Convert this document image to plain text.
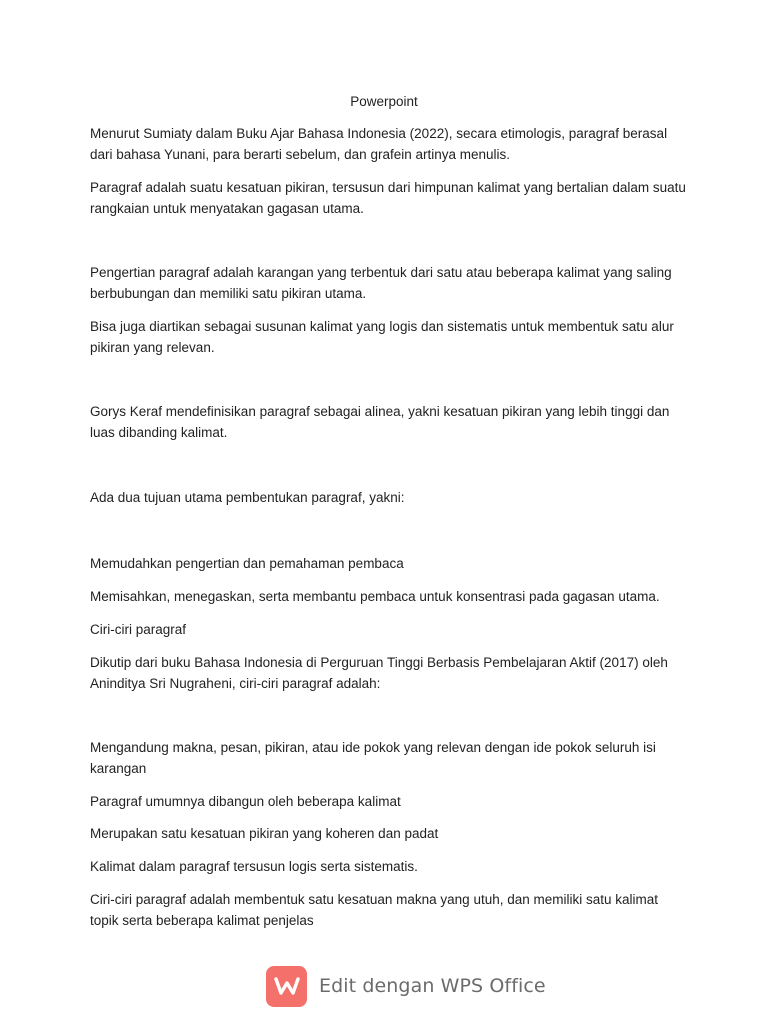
Powerpoint

Menurut Sumiaty dalam Buku Ajar Bahasa Indonesia (2022), secara etimologis, paragraf berasal dari bahasa Yunani, para berarti sebelum, dan grafein artinya menulis.

Paragraf adalah suatu kesatuan pikiran, tersusun dari himpunan kalimat yang bertalian dalam suatu rangkaian untuk menyatakan gagasan utama.

Pengertian paragraf adalah karangan yang terbentuk dari satu atau beberapa kalimat yang saling berbubungan dan memiliki satu pikiran utama.

Bisa juga diartikan sebagai susunan kalimat yang logis dan sistematis untuk membentuk satu alur pikiran yang relevan.

Gorys Keraf mendefinisikan paragraf sebagai alinea, yakni kesatuan pikiran yang lebih tinggi dan luas dibanding kalimat.

Ada dua tujuan utama pembentukan paragraf, yakni:

Memudahkan pengertian dan pemahaman pembaca

Memisahkan, menegaskan, serta membantu pembaca untuk konsentrasi pada gagasan utama.

Ciri-ciri paragraf

Dikutip dari buku Bahasa Indonesia di Perguruan Tinggi Berbasis Pembelajaran Aktif (2017) oleh Aninditya Sri Nugraheni, ciri-ciri paragraf adalah:

Mengandung makna, pesan, pikiran, atau ide pokok yang relevan dengan ide pokok seluruh isi karangan

Paragraf umumnya dibangun oleh beberapa kalimat

Merupakan satu kesatuan pikiran yang koheren dan padat

Kalimat dalam paragraf tersusun logis serta sistematis.

Ciri-ciri paragraf adalah membentuk satu kesatuan makna yang utuh, dan memiliki satu kalimat topik serta beberapa kalimat penjelas

Edit dengan WPS Office
